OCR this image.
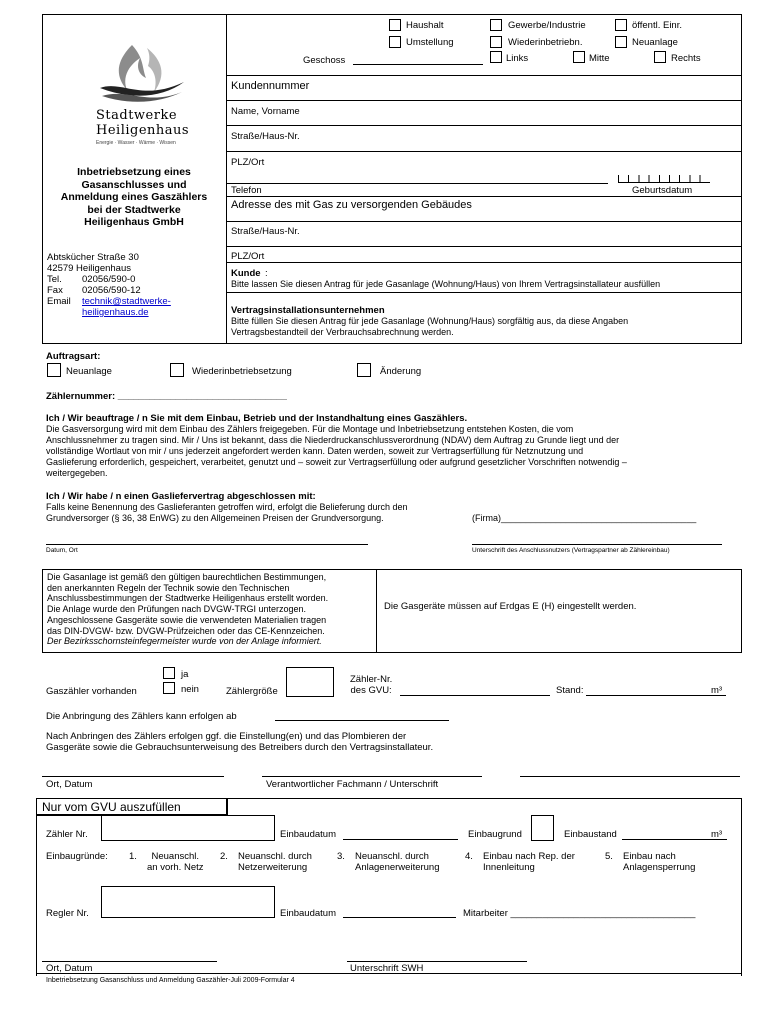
Haushalt	Gewerbe/Industrie	öffentl. Einr.
Umstellung	Wiederinbetriebn.	Neuanlage
Geschoss	Links	Mitte	Rechts
Stadtwerke
Heiligenhaus
Energie · Wasser · Wärme · Wissen
Inbetriebsetzung eines
Gasanschlusses und
Anmeldung eines Gaszählers
bei der Stadtwerke
Heiligenhaus GmbH
Abtskücher Straße 30
42579 Heiligenhaus
Tel. 02056/590-0
Fax 02056/590-12
Email technik@stadtwerke-
heiligenhaus.de
Kundennummer
Name, Vorname
Straße/Haus-Nr.
PLZ/Ort
Telefon	Geburtsdatum
Adresse des mit Gas zu versorgenden Gebäudes
Straße/Haus-Nr.
PLZ/Ort
Kunde :
Bitte lassen Sie diesen Antrag für jede Gasanlage (Wohnung/Haus) von Ihrem Vertragsinstallateur ausfüllen
Vertragsinstallationsunternehmen
Bitte füllen Sie diesen Antrag für jede Gasanlage (Wohnung/Haus) sorgfältig aus, da diese Angaben
Vertragsbestandteil der Verbrauchsabrechnung werden.
Auftragsart:
Neuanlage	Wiederinbetriebsetzung	Änderung
Zählernummer: ________________________________
Ich / Wir beauftrage / n Sie mit dem Einbau, Betrieb und der Instandhaltung eines Gaszählers.
Die Gasversorgung wird mit dem Einbau des Zählers freigegeben. Für die Montage und Inbetriebsetzung entstehen Kosten, die vom
Anschlussnehmer zu tragen sind. Mir / Uns ist bekannt, dass die Niederdruckanschlussverordnung (NDAV) dem Auftrag zu Grunde liegt und der
vollständige Wortlaut von mir / uns jederzeit angefordert werden kann. Daten werden, soweit zur Vertragserfüllung für Netznutzung und
Gaslieferung erforderlich, gespeichert, verarbeitet, genutzt und – soweit zur Vertragserfüllung oder aufgrund gesetzlicher Vorschriften notwendig –
weitergegeben.
Ich / Wir habe / n einen Gasliefervertrag abgeschlossen mit:
Falls keine Benennung des Gaslieferanten getroffen wird, erfolgt die Belieferung durch den
Grundversorger (§ 36, 38 EnWG) zu den Allgemeinen Preisen der Grundversorgung.	(Firma)_______________________________________
Datum, Ort	Unterschrift des Anschlussnutzers (Vertragspartner ab Zählereinbau)
Die Gasanlage ist gemäß den gültigen baurechtlichen Bestimmungen,
den anerkannten Regeln der Technik sowie den Technischen
Anschlussbestimmungen der Stadtwerke Heiligenhaus erstellt worden.
Die Anlage wurde den Prüfungen nach DVGW-TRGI unterzogen.
Angeschlossene Gasgeräte sowie die verwendeten Materialien tragen
das DIN-DVGW- bzw. DVGW-Prüfzeichen oder das CE-Kennzeichen.
Der Bezirksschornsteinfegermeister wurde von der Anlage informiert.
Die Gasgeräte müssen auf Erdgas E (H) eingestellt werden.
ja
Gaszähler vorhanden	nein	Zählergröße
Zähler-Nr.
des GVU:	Stand:	m³
Die Anbringung des Zählers kann erfolgen ab
Nach Anbringen des Zählers erfolgen ggf. die Einstellung(en) und das Plombieren der
Gasgeräte sowie die Gebrauchsunterweisung des Betreibers durch den Vertragsinstallateur.
Ort, Datum	Verantwortlicher Fachmann / Unterschrift
Nur vom GVU auszufüllen
Zähler Nr.	Einbaudatum	Einbaugrund	Einbaustand	m³
Einbaugründe: 1.	Neuanschl.
an vorh. Netz
2. Neuanschl. durch
Netzerweiterung
3. Neuanschl. durch
Anlagenerweiterung
4. Einbau nach Rep. der
Innenleitung
5. Einbau nach
Anlagensperrung
Regler Nr.	Einbaudatum	Mitarbeiter ___________________________________
Ort, Datum	Unterschrift SWH
Inbetriebsetzung Gasanschluss und Anmeldung Gaszähler-Juli 2009-Formular 4
